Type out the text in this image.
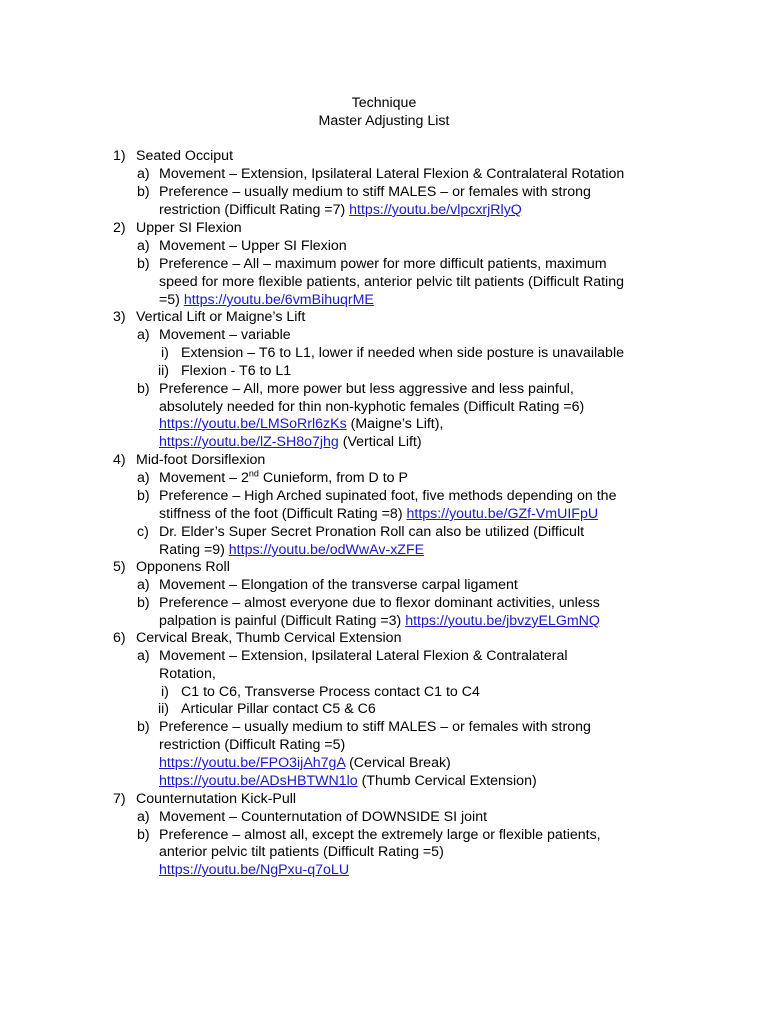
Technique
Master Adjusting List
1) Seated Occiput
a) Movement – Extension, Ipsilateral Lateral Flexion & Contralateral Rotation
b) Preference – usually medium to stiff MALES – or females with strong
restriction (Difficult Rating =7) https://youtu.be/vlpcxrjRlyQ
2) Upper SI Flexion
a) Movement – Upper SI Flexion
b) Preference – All – maximum power for more difficult patients, maximum
speed for more flexible patients, anterior pelvic tilt patients (Difficult Rating
=5) https://youtu.be/6vmBihuqrME
3) Vertical Lift or Maigne’s Lift
a) Movement – variable
i) Extension – T6 to L1, lower if needed when side posture is unavailable
ii) Flexion - T6 to L1
b) Preference – All, more power but less aggressive and less painful,
absolutely needed for thin non-kyphotic females (Difficult Rating =6)
https://youtu.be/LMSoRrl6zKs (Maigne’s Lift),
https://youtu.be/lZ-SH8o7jhg (Vertical Lift)
4) Mid-foot Dorsiflexion
a) Movement – 2nd Cunieform, from D to P
b) Preference – High Arched supinated foot, five methods depending on the
stiffness of the foot (Difficult Rating =8) https://youtu.be/GZf-VmUIFpU
c) Dr. Elder’s Super Secret Pronation Roll can also be utilized (Difficult
Rating =9) https://youtu.be/odWwAv-xZFE
5) Opponens Roll
a) Movement – Elongation of the transverse carpal ligament
b) Preference – almost everyone due to flexor dominant activities, unless
palpation is painful (Difficult Rating =3) https://youtu.be/jbvzyELGmNQ
6) Cervical Break, Thumb Cervical Extension
a) Movement – Extension, Ipsilateral Lateral Flexion & Contralateral
Rotation,
i) C1 to C6, Transverse Process contact C1 to C4
ii) Articular Pillar contact C5 & C6
b) Preference – usually medium to stiff MALES – or females with strong
restriction (Difficult Rating =5)
https://youtu.be/FPO3ijAh7gA (Cervical Break)
https://youtu.be/ADsHBTWN1lo (Thumb Cervical Extension)
7) Counternutation Kick-Pull
a) Movement – Counternutation of DOWNSIDE SI joint
b) Preference – almost all, except the extremely large or flexible patients,
anterior pelvic tilt patients (Difficult Rating =5)
https://youtu.be/NgPxu-q7oLU
